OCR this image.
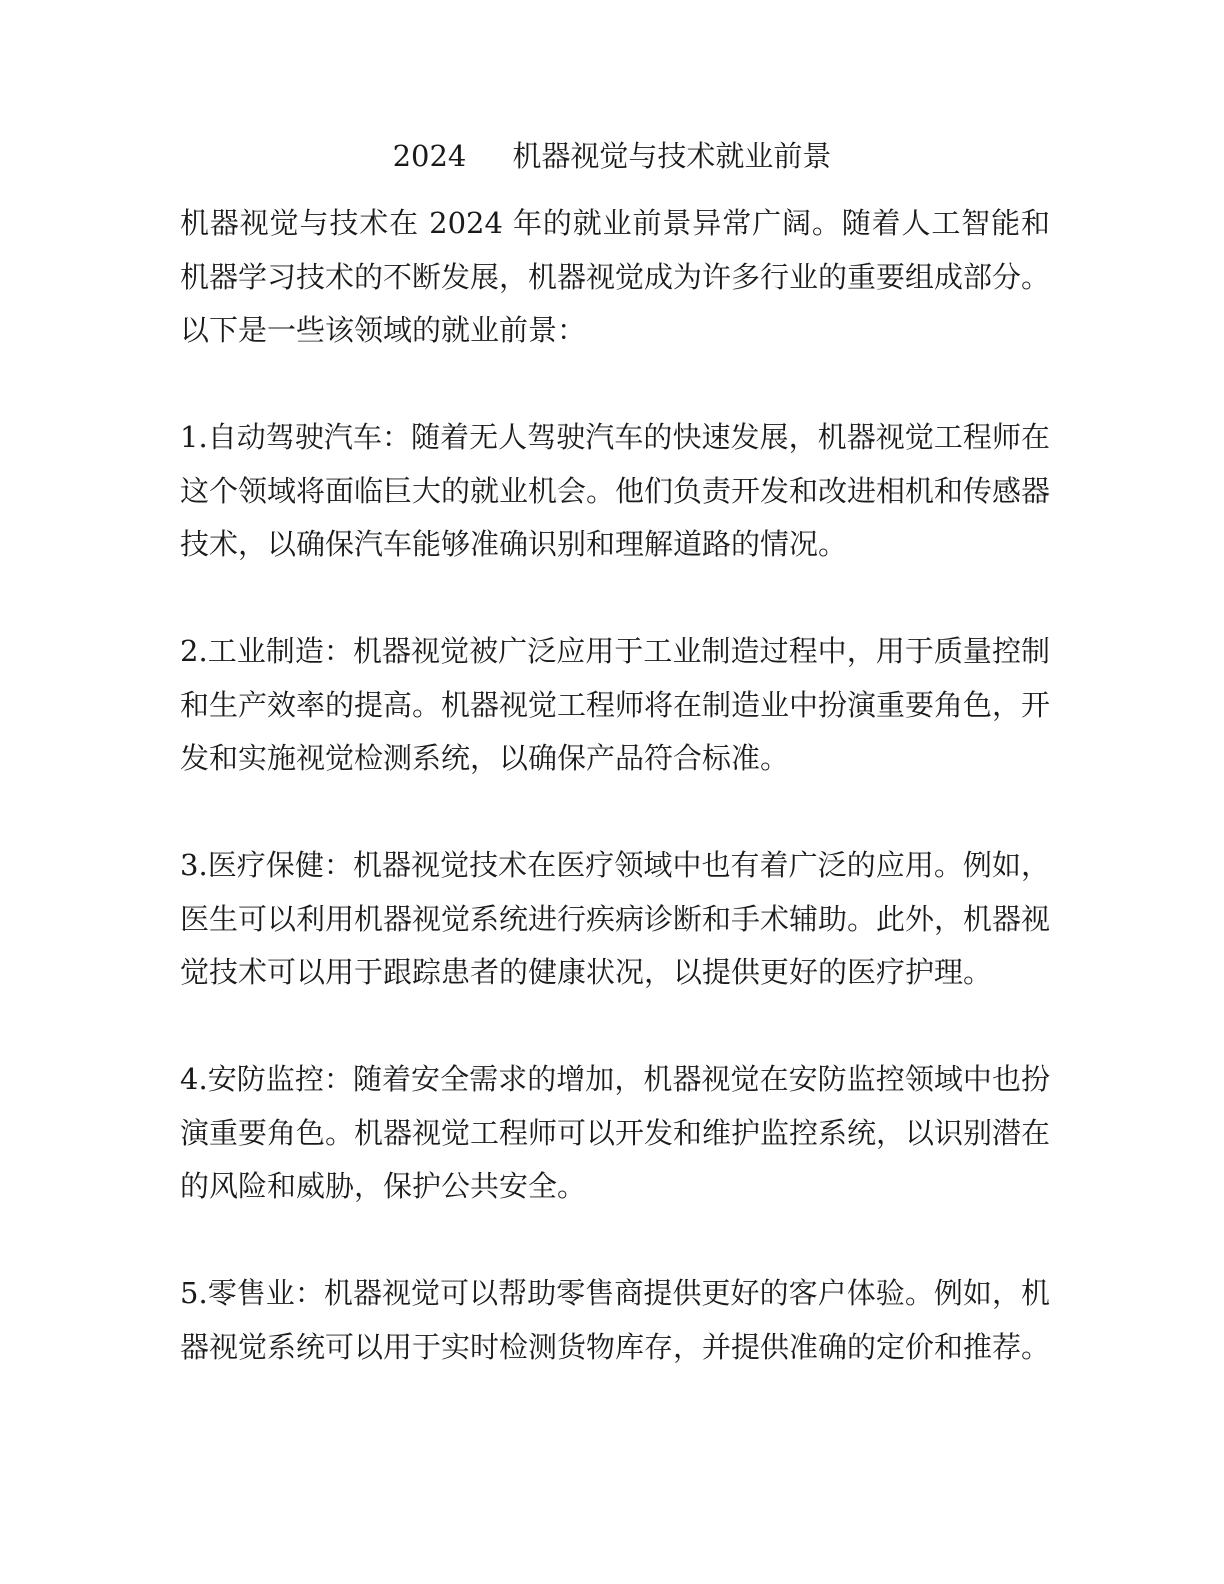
2024 机器视觉与技术就业前景

机器视觉与技术在 2024 年的就业前景异常广阔。随着人工智能和机器学习技术的不断发展，机器视觉成为许多行业的重要组成部分。以下是一些该领域的就业前景：

1.自动驾驶汽车：随着无人驾驶汽车的快速发展，机器视觉工程师在这个领域将面临巨大的就业机会。他们负责开发和改进相机和传感器技术，以确保汽车能够准确识别和理解道路的情况。

2.工业制造：机器视觉被广泛应用于工业制造过程中，用于质量控制和生产效率的提高。机器视觉工程师将在制造业中扮演重要角色，开发和实施视觉检测系统，以确保产品符合标准。

3.医疗保健：机器视觉技术在医疗领域中也有着广泛的应用。例如，医生可以利用机器视觉系统进行疾病诊断和手术辅助。此外，机器视觉技术可以用于跟踪患者的健康状况，以提供更好的医疗护理。

4.安防监控：随着安全需求的增加，机器视觉在安防监控领域中也扮演重要角色。机器视觉工程师可以开发和维护监控系统，以识别潜在的风险和威胁，保护公共安全。

5.零售业：机器视觉可以帮助零售商提供更好的客户体验。例如，机器视觉系统可以用于实时检测货物库存，并提供准确的定价和推荐。
